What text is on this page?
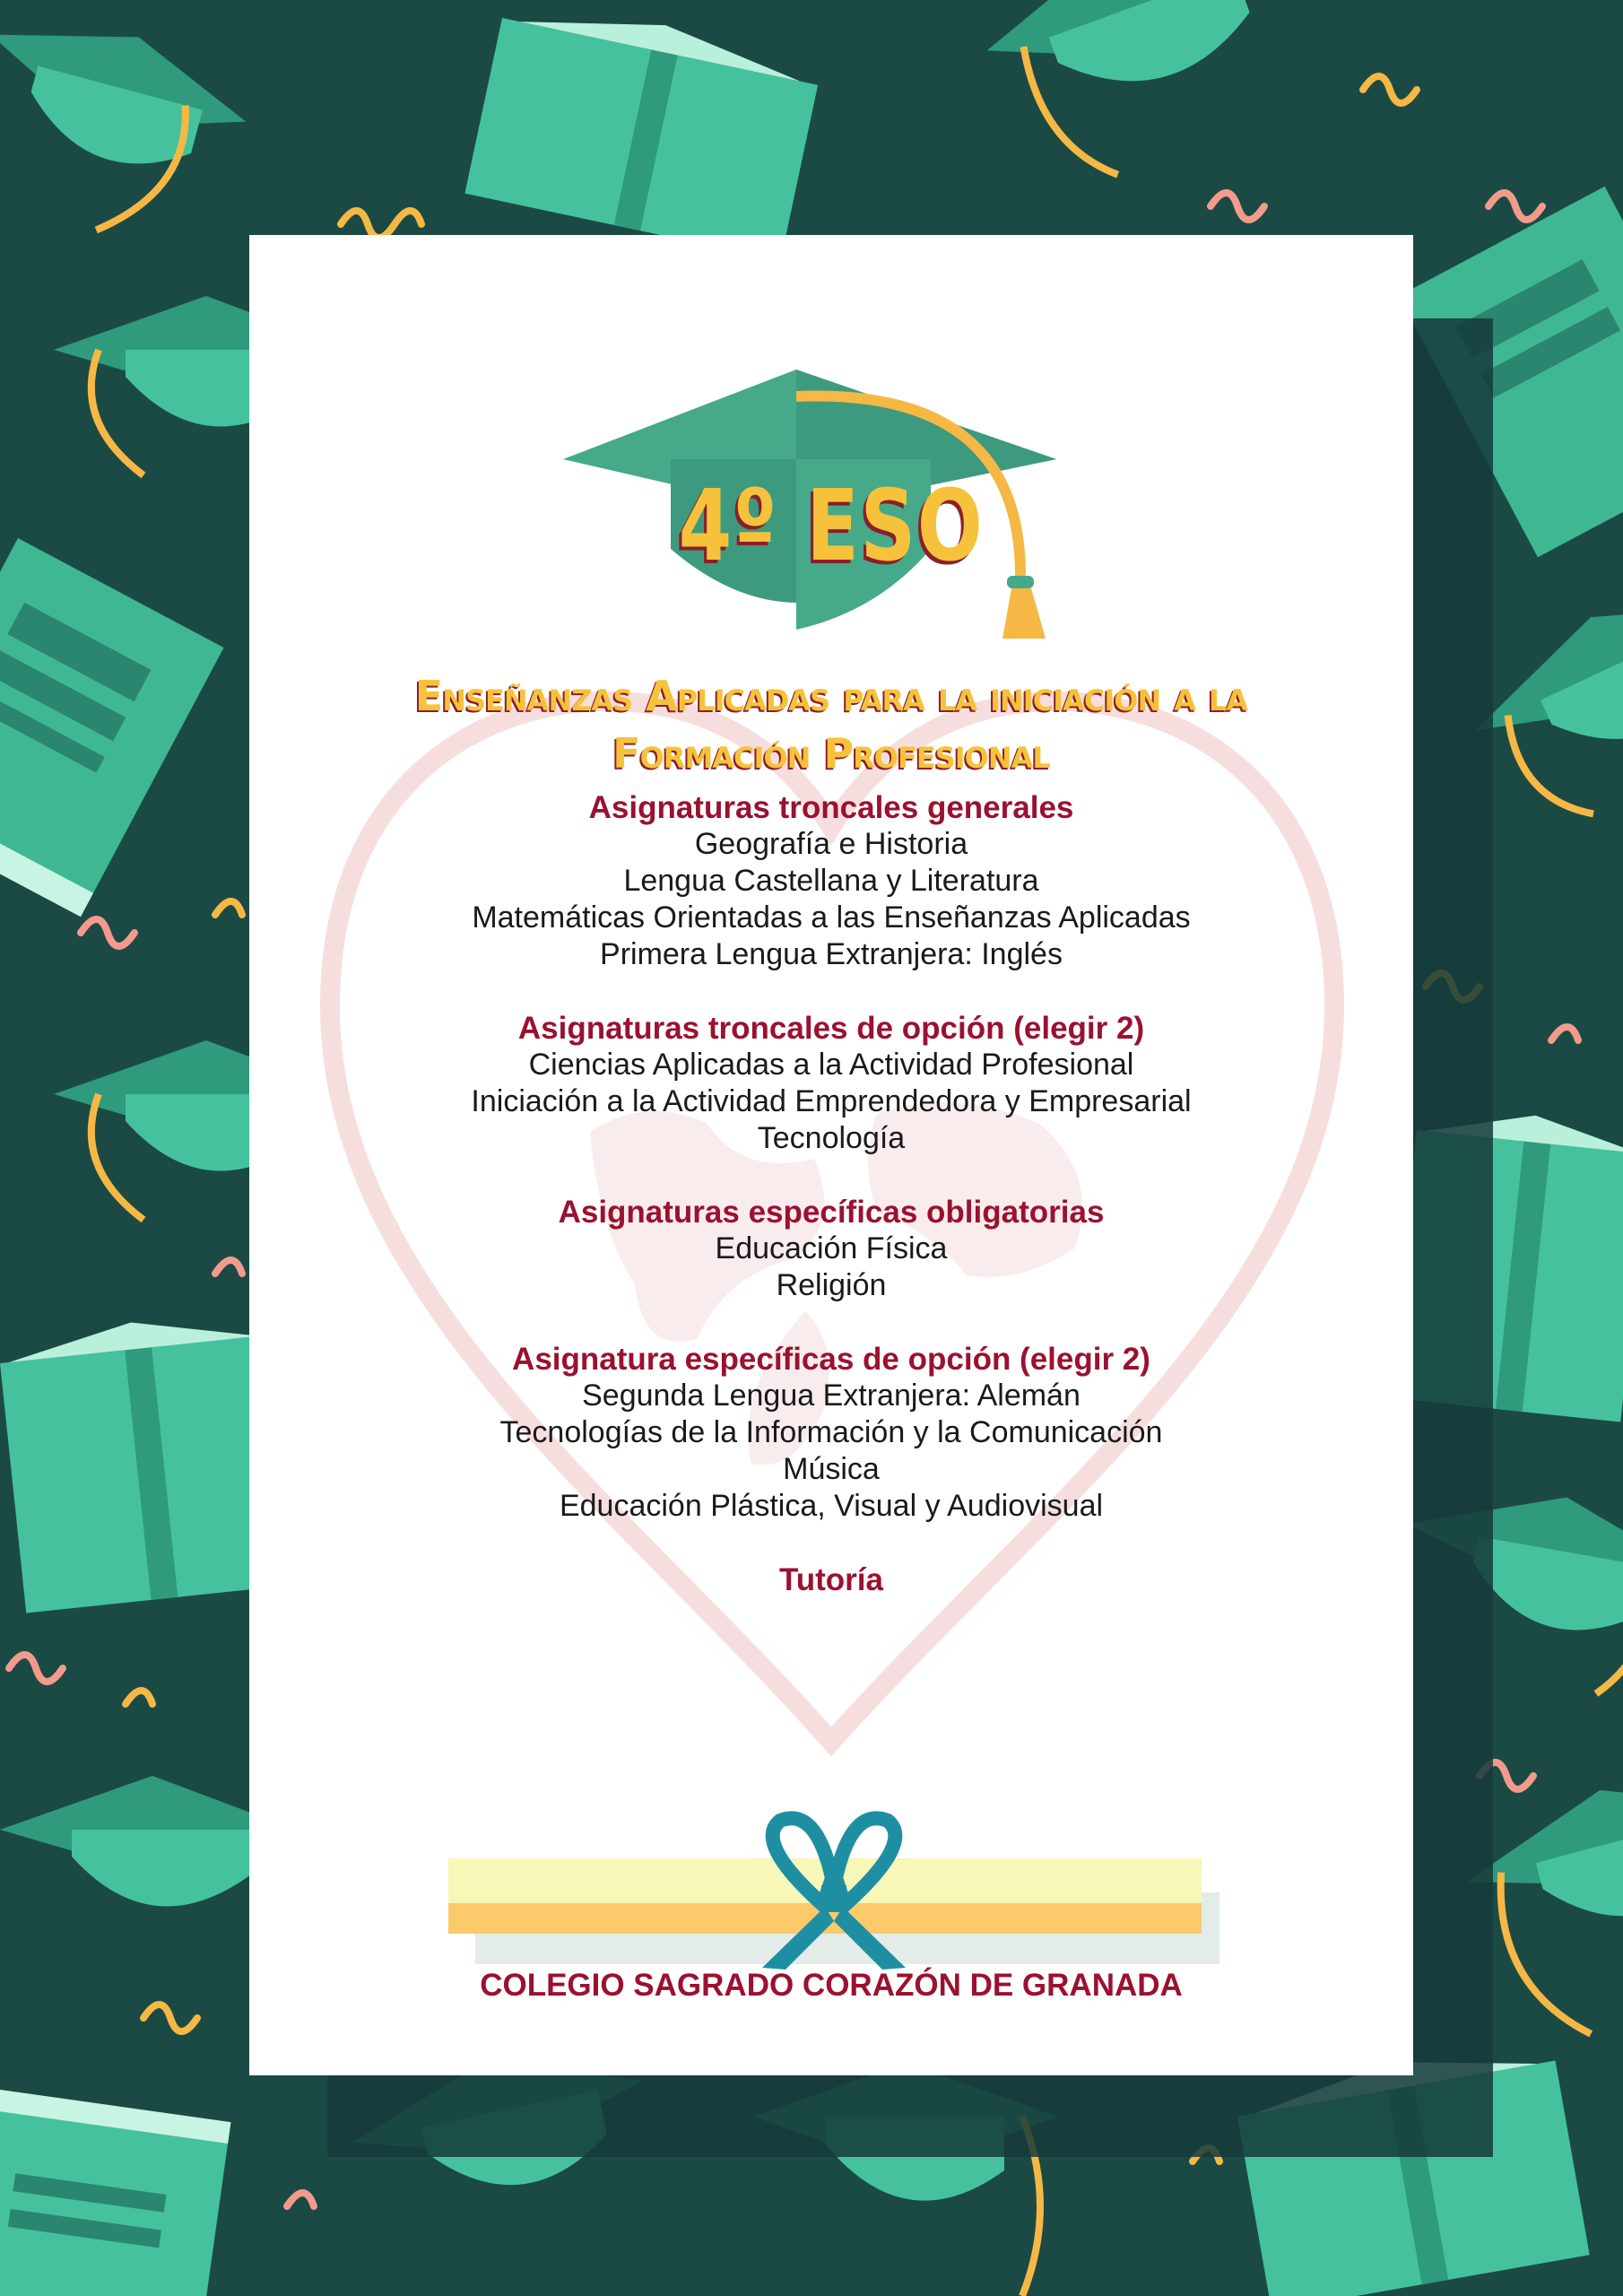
4º ESO
Enseñanzas Aplicadas para la iniciación a la Formación Profesional
Asignaturas troncales generales
Geografía e Historia
Lengua Castellana y Literatura
Matemáticas Orientadas a las Enseñanzas Aplicadas
Primera Lengua Extranjera: Inglés
Asignaturas troncales de opción (elegir 2)
Ciencias Aplicadas a la Actividad Profesional
Iniciación a la Actividad Emprendedora y Empresarial
Tecnología
Asignaturas específicas obligatorias
Educación Física
Religión
Asignatura específicas de opción (elegir 2)
Segunda Lengua Extranjera: Alemán
Tecnologías de la Información y la Comunicación
Música
Educación Plástica, Visual y Audiovisual
Tutoría
COLEGIO SAGRADO CORAZÓN DE GRANADA
